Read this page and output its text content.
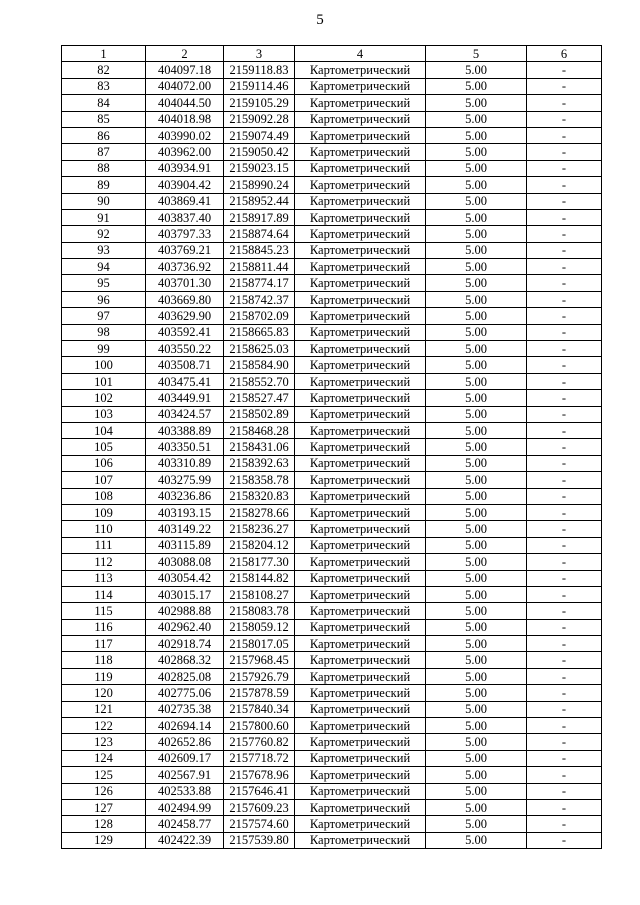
5
1	2	3	4	5	6
82	404097.18	2159118.83	Картометрический	5.00	-
83	404072.00	2159114.46	Картометрический	5.00	-
84	404044.50	2159105.29	Картометрический	5.00	-
85	404018.98	2159092.28	Картометрический	5.00	-
86	403990.02	2159074.49	Картометрический	5.00	-
87	403962.00	2159050.42	Картометрический	5.00	-
88	403934.91	2159023.15	Картометрический	5.00	-
89	403904.42	2158990.24	Картометрический	5.00	-
90	403869.41	2158952.44	Картометрический	5.00	-
91	403837.40	2158917.89	Картометрический	5.00	-
92	403797.33	2158874.64	Картометрический	5.00	-
93	403769.21	2158845.23	Картометрический	5.00	-
94	403736.92	2158811.44	Картометрический	5.00	-
95	403701.30	2158774.17	Картометрический	5.00	-
96	403669.80	2158742.37	Картометрический	5.00	-
97	403629.90	2158702.09	Картометрический	5.00	-
98	403592.41	2158665.83	Картометрический	5.00	-
99	403550.22	2158625.03	Картометрический	5.00	-
100	403508.71	2158584.90	Картометрический	5.00	-
101	403475.41	2158552.70	Картометрический	5.00	-
102	403449.91	2158527.47	Картометрический	5.00	-
103	403424.57	2158502.89	Картометрический	5.00	-
104	403388.89	2158468.28	Картометрический	5.00	-
105	403350.51	2158431.06	Картометрический	5.00	-
106	403310.89	2158392.63	Картометрический	5.00	-
107	403275.99	2158358.78	Картометрический	5.00	-
108	403236.86	2158320.83	Картометрический	5.00	-
109	403193.15	2158278.66	Картометрический	5.00	-
110	403149.22	2158236.27	Картометрический	5.00	-
111	403115.89	2158204.12	Картометрический	5.00	-
112	403088.08	2158177.30	Картометрический	5.00	-
113	403054.42	2158144.82	Картометрический	5.00	-
114	403015.17	2158108.27	Картометрический	5.00	-
115	402988.88	2158083.78	Картометрический	5.00	-
116	402962.40	2158059.12	Картометрический	5.00	-
117	402918.74	2158017.05	Картометрический	5.00	-
118	402868.32	2157968.45	Картометрический	5.00	-
119	402825.08	2157926.79	Картометрический	5.00	-
120	402775.06	2157878.59	Картометрический	5.00	-
121	402735.38	2157840.34	Картометрический	5.00	-
122	402694.14	2157800.60	Картометрический	5.00	-
123	402652.86	2157760.82	Картометрический	5.00	-
124	402609.17	2157718.72	Картометрический	5.00	-
125	402567.91	2157678.96	Картометрический	5.00	-
126	402533.88	2157646.41	Картометрический	5.00	-
127	402494.99	2157609.23	Картометрический	5.00	-
128	402458.77	2157574.60	Картометрический	5.00	-
129	402422.39	2157539.80	Картометрический	5.00	-
